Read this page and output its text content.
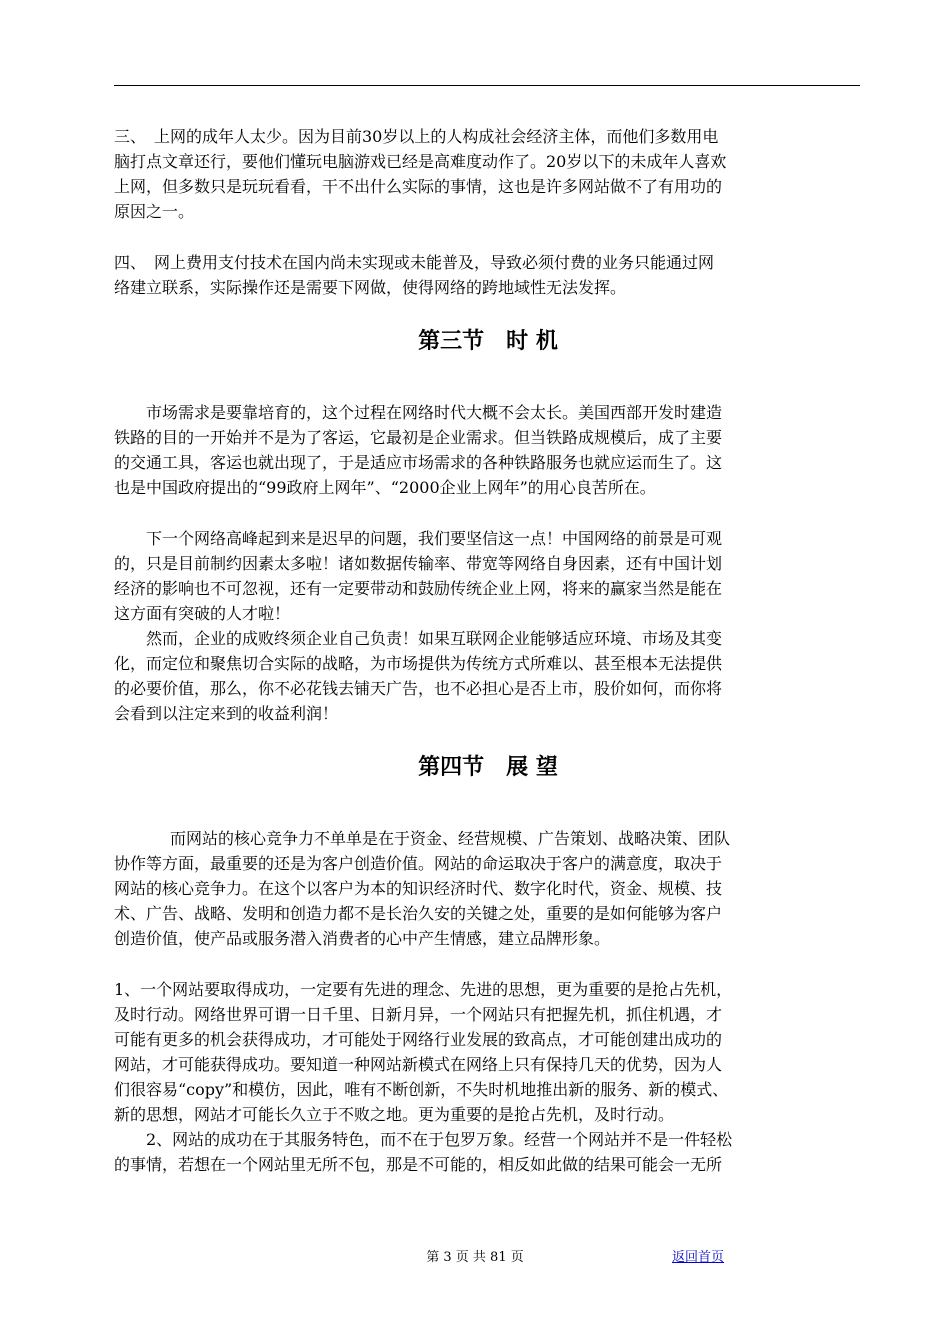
三、　上网的成年人太少。因为目前30岁以上的人构成社会经济主体，而他们多数用电
脑打点文章还行，要他们懂玩电脑游戏已经是高难度动作了。20岁以下的未成年人喜欢
上网，但多数只是玩玩看看，干不出什么实际的事情，这也是许多网站做不了有用功的
原因之一。
四、　网上费用支付技术在国内尚未实现或未能普及，导致必须付费的业务只能通过网
络建立联系，实际操作还是需要下网做，使得网络的跨地域性无法发挥。
第三节　时 机
市场需求是要靠培育的，这个过程在网络时代大概不会太长。美国西部开发时建造
铁路的目的一开始并不是为了客运，它最初是企业需求。但当铁路成规模后，成了主要
的交通工具，客运也就出现了，于是适应市场需求的各种铁路服务也就应运而生了。这
也是中国政府提出的“99政府上网年”、“2000企业上网年”的用心良苦所在。
下一个网络高峰起到来是迟早的问题，我们要坚信这一点！中国网络的前景是可观
的，只是目前制约因素太多啦！诸如数据传输率、带宽等网络自身因素，还有中国计划
经济的影响也不可忽视，还有一定要带动和鼓励传统企业上网，将来的赢家当然是能在
这方面有突破的人才啦！
然而，企业的成败终须企业自己负责！如果互联网企业能够适应环境、市场及其变
化，而定位和聚焦切合实际的战略，为市场提供为传统方式所难以、甚至根本无法提供
的必要价值，那么，你不必花钱去铺天广告，也不必担心是否上市，股价如何，而你将
会看到以注定来到的收益利润！
第四节　展 望
而网站的核心竞争力不单单是在于资金、经营规模、广告策划、战略决策、团队
协作等方面，最重要的还是为客户创造价值。网站的命运取决于客户的满意度，取决于
网站的核心竞争力。在这个以客户为本的知识经济时代、数字化时代，资金、规模、技
术、广告、战略、发明和创造力都不是长治久安的关键之处，重要的是如何能够为客户
创造价值，使产品或服务潜入消费者的心中产生情感，建立品牌形象。
1、一个网站要取得成功，一定要有先进的理念、先进的思想，更为重要的是抢占先机，
及时行动。网络世界可谓一日千里、日新月异，一个网站只有把握先机，抓住机遇，才
可能有更多的机会获得成功，才可能处于网络行业发展的致高点，才可能创建出成功的
网站，才可能获得成功。要知道一种网站新模式在网络上只有保持几天的优势，因为人
们很容易“copy”和模仿，因此，唯有不断创新，不失时机地推出新的服务、新的模式、
新的思想，网站才可能长久立于不败之地。更为重要的是抢占先机，及时行动。
2、网站的成功在于其服务特色，而不在于包罗万象。经营一个网站并不是一件轻松
的事情，若想在一个网站里无所不包，那是不可能的，相反如此做的结果可能会一无所
第 3 页 共 81 页	返回首页
